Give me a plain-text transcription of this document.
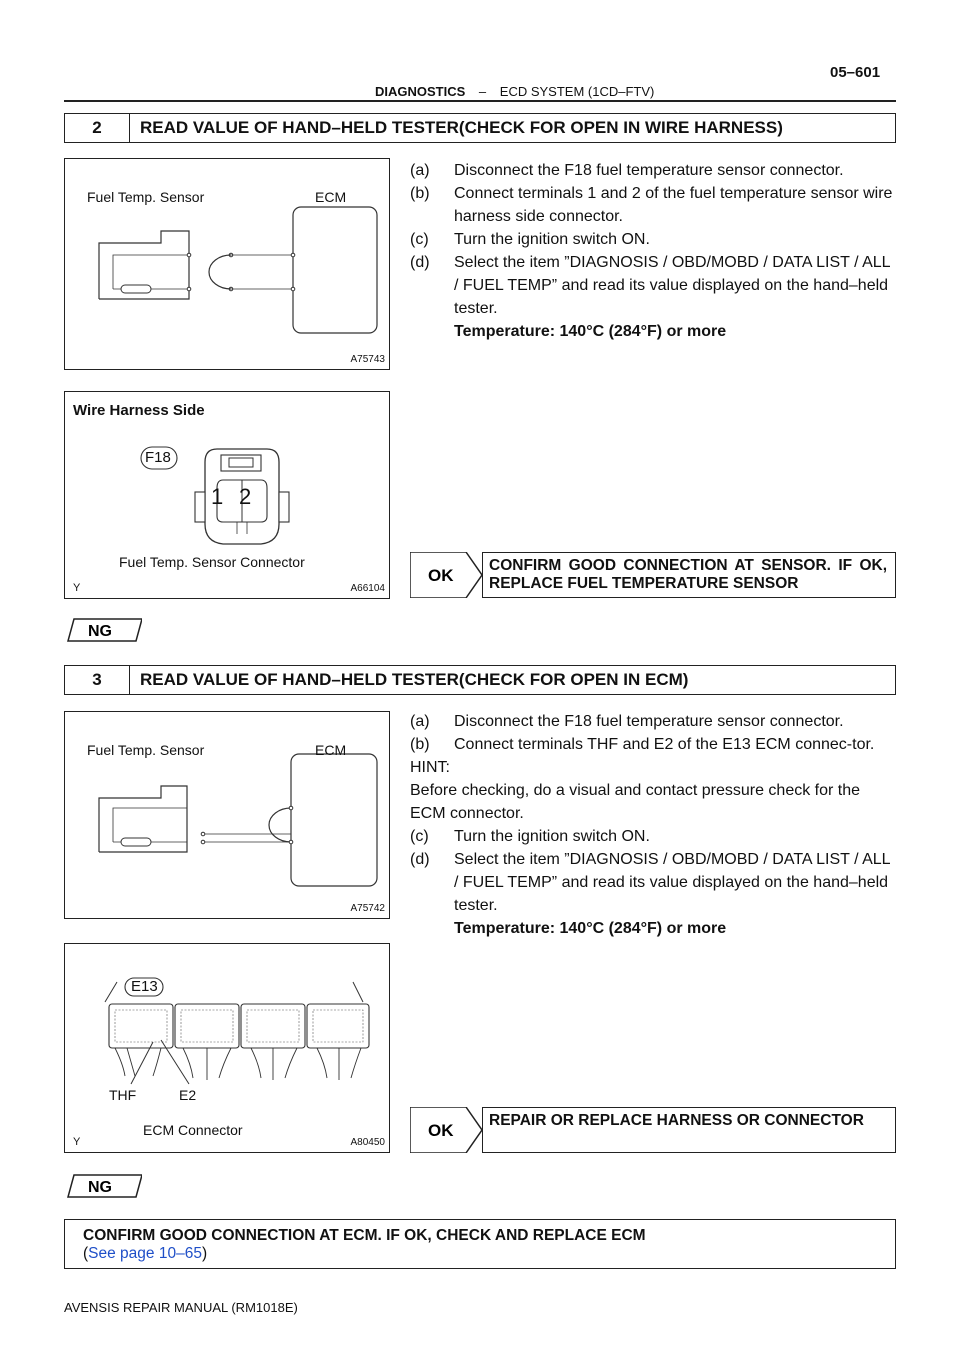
05–601
DIAGNOSTICS – ECD SYSTEM (1CD–FTV)
2	READ VALUE OF HAND–HELD TESTER(CHECK FOR OPEN IN WIRE HARNESS)
Fuel Temp. Sensor	ECM
A75743
Wire Harness Side
F18
1 2
Fuel Temp. Sensor Connector
Y	A66104
(a)	Disconnect the F18 fuel temperature sensor connector.
(b)	Connect terminals 1 and 2 of the fuel temperature sensor wire harness side connector.
(c)	Turn the ignition switch ON.
(d)	Select the item ”DIAGNOSIS / OBD/MOBD / DATA LIST / ALL / FUEL TEMP” and read its value displayed on the hand–held tester.
Temperature: 140°C (284°F) or more
OK
CONFIRM GOOD CONNECTION AT SENSOR. IF OK, REPLACE FUEL TEMPERATURE SENSOR
NG
3	READ VALUE OF HAND–HELD TESTER(CHECK FOR OPEN IN ECM)
Fuel Temp. Sensor	ECM
A75742
E13
THF	E2
ECM Connector
Y	A80450
(a)	Disconnect the F18 fuel temperature sensor connector.
(b)	Connect terminals THF and E2 of the E13 ECM connec-tor.
HINT:
Before checking, do a visual and contact pressure check for the ECM connector.
(c)	Turn the ignition switch ON.
(d)	Select the item ”DIAGNOSIS / OBD/MOBD / DATA LIST / ALL / FUEL TEMP” and read its value displayed on the hand–held tester.
Temperature: 140°C (284°F) or more
OK
REPAIR OR REPLACE HARNESS OR CONNECTOR
NG
CONFIRM GOOD CONNECTION AT ECM. IF OK, CHECK AND REPLACE ECM
(See page 10–65)
AVENSIS REPAIR MANUAL (RM1018E)
